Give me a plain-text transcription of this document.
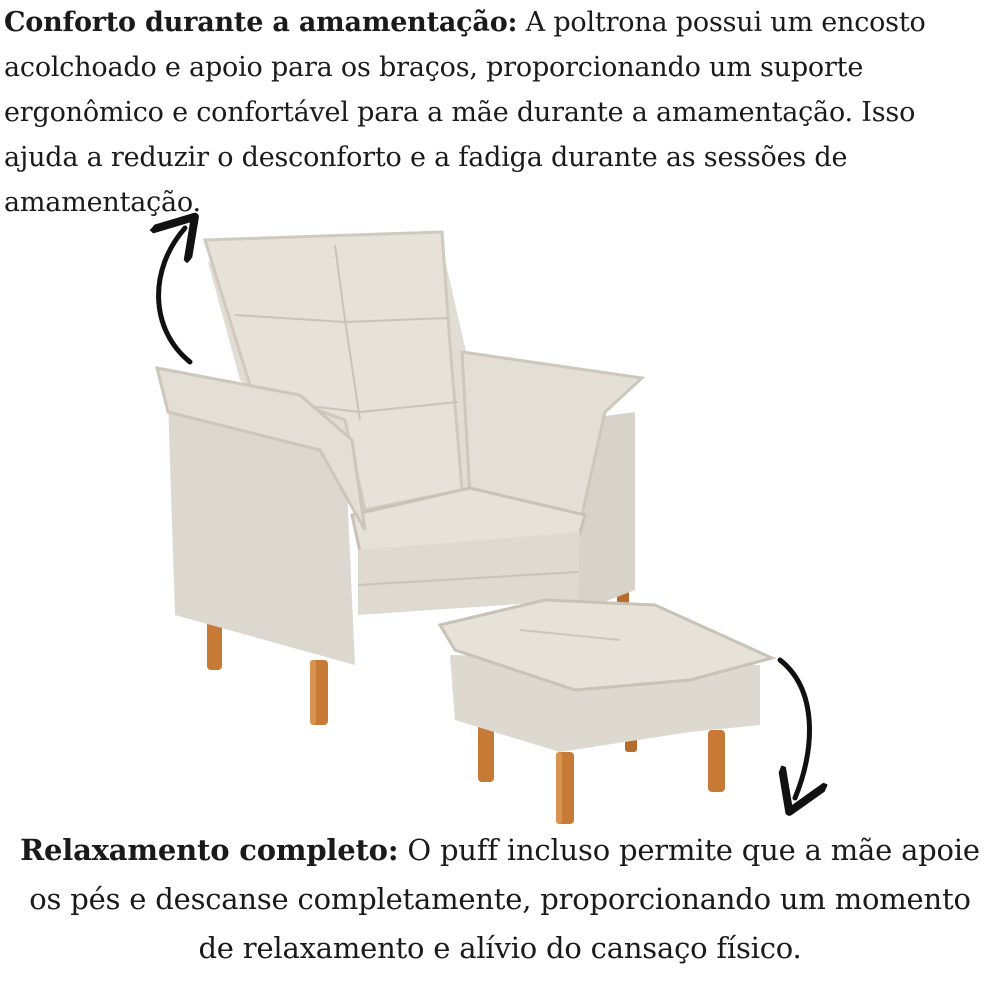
Conforto durante a amamentação: A poltrona possui um encosto acolchoado e apoio para os braços, proporcionando um suporte ergonômico e confortável para a mãe durante a amamentação. Isso ajuda a reduzir o desconforto e a fadiga durante as sessões de amamentação.
Relaxamento completo: O puff incluso permite que a mãe apoie os pés e descanse completamente, proporcionando um momento de relaxamento e alívio do cansaço físico.
